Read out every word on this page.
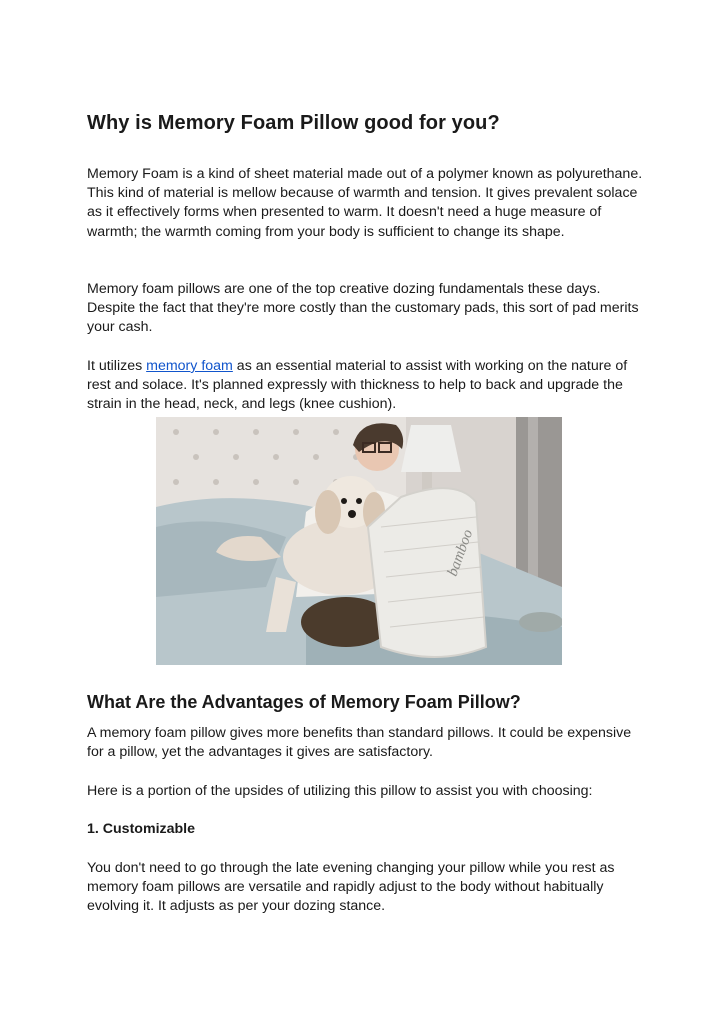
Why is Memory Foam Pillow good for you?

Memory Foam is a kind of sheet material made out of a polymer known as polyurethane. This kind of material is mellow because of warmth and tension. It gives prevalent solace as it effectively forms when presented to warm. It doesn't need a huge measure of warmth; the warmth coming from your body is sufficient to change its shape.

Memory foam pillows are one of the top creative dozing fundamentals these days. Despite the fact that they're more costly than the customary pads, this sort of pad merits your cash.

It utilizes memory foam as an essential material to assist with working on the nature of rest and solace. It's planned expressly with thickness to help to back and upgrade the strain in the head, neck, and legs (knee cushion).

What Are the Advantages of Memory Foam Pillow?

A memory foam pillow gives more benefits than standard pillows. It could be expensive for a pillow, yet the advantages it gives are satisfactory.

Here is a portion of the upsides of utilizing this pillow to assist you with choosing:

1. Customizable

You don't need to go through the late evening changing your pillow while you rest as memory foam pillows are versatile and rapidly adjust to the body without habitually evolving it. It adjusts as per your dozing stance.

bamboo
